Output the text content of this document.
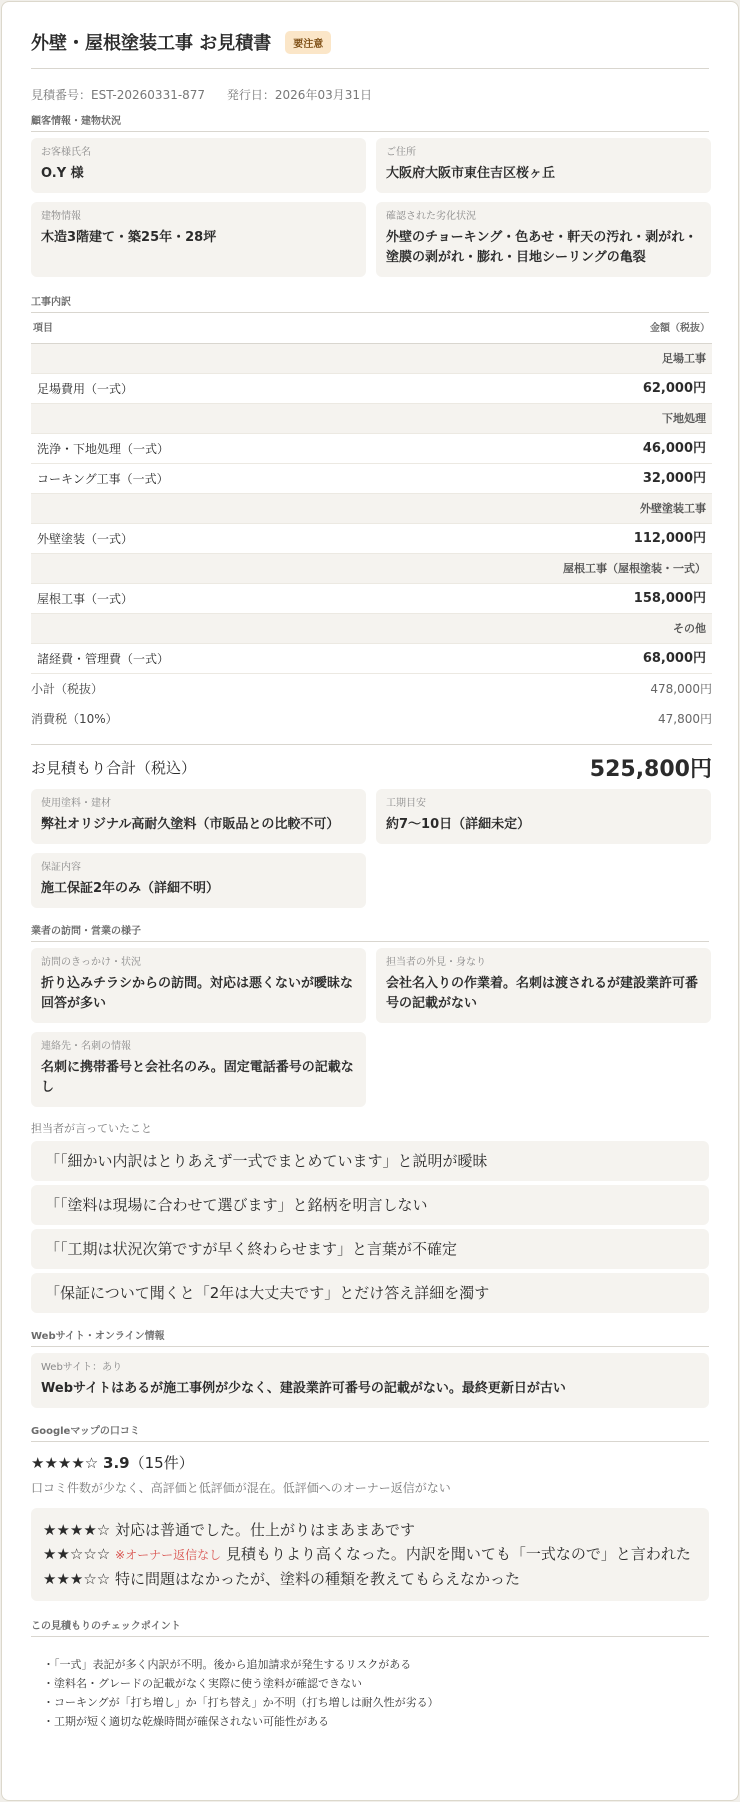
外壁・屋根塗装工事 お見積書	要注意
見積番号：EST-20260331-877 発行日：2026年03月31日
顧客情報・建物状況
お客様氏名
O.Y 様
ご住所
大阪府大阪市東住吉区桜ヶ丘
建物情報
木造3階建て・築25年・28坪
確認された劣化状況
外壁のチョーキング・色あせ・軒天の汚れ・剥がれ・塗膜の剥がれ・膨れ・目地シーリングの亀裂
工事内訳
項目	金額（税抜）
足場工事
足場費用（一式）	62,000円
下地処理
洗浄・下地処理（一式）	46,000円
コーキング工事（一式）	32,000円
外壁塗装工事
外壁塗装（一式）	112,000円
屋根工事（屋根塗装・一式）
屋根工事（一式）	158,000円
その他
諸経費・管理費（一式）	68,000円
小計（税抜）	478,000円
消費税（10%）	47,800円
お見積もり合計（税込）	525,800円
使用塗料・建材
弊社オリジナル高耐久塗料（市販品との比較不可）
工期目安
約7〜10日（詳細未定）
保証内容
施工保証2年のみ（詳細不明）
業者の訪問・営業の様子
訪問のきっかけ・状況
折り込みチラシからの訪問。対応は悪くないが曖昧な回答が多い
担当者の外見・身なり
会社名入りの作業着。名刺は渡されるが建設業許可番号の記載がない
連絡先・名刺の情報
名刺に携帯番号と会社名のみ。固定電話番号の記載なし
担当者が言っていたこと
「「細かい内訳はとりあえず一式でまとめています」と説明が曖昧
「「塗料は現場に合わせて選びます」と銘柄を明言しない
「「工期は状況次第ですが早く終わらせます」と言葉が不確定
「保証について聞くと「2年は大丈夫です」とだけ答え詳細を濁す
Webサイト・オンライン情報
Webサイト：あり
Webサイトはあるが施工事例が少なく、建設業許可番号の記載がない。最終更新日が古い
Googleマップの口コミ
★★★★☆ 3.9（15件）
口コミ件数が少なく、高評価と低評価が混在。低評価へのオーナー返信がない
★★★★☆ 対応は普通でした。仕上がりはまあまあです
★★☆☆☆ ※オーナー返信なし 見積もりより高くなった。内訳を聞いても「一式なので」と言われた
★★★☆☆ 特に問題はなかったが、塗料の種類を教えてもらえなかった
この見積もりのチェックポイント
・「一式」表記が多く内訳が不明。後から追加請求が発生するリスクがある
・塗料名・グレードの記載がなく実際に使う塗料が確認できない
・コーキングが「打ち増し」か「打ち替え」か不明（打ち増しは耐久性が劣る）
・工期が短く適切な乾燥時間が確保されない可能性がある
